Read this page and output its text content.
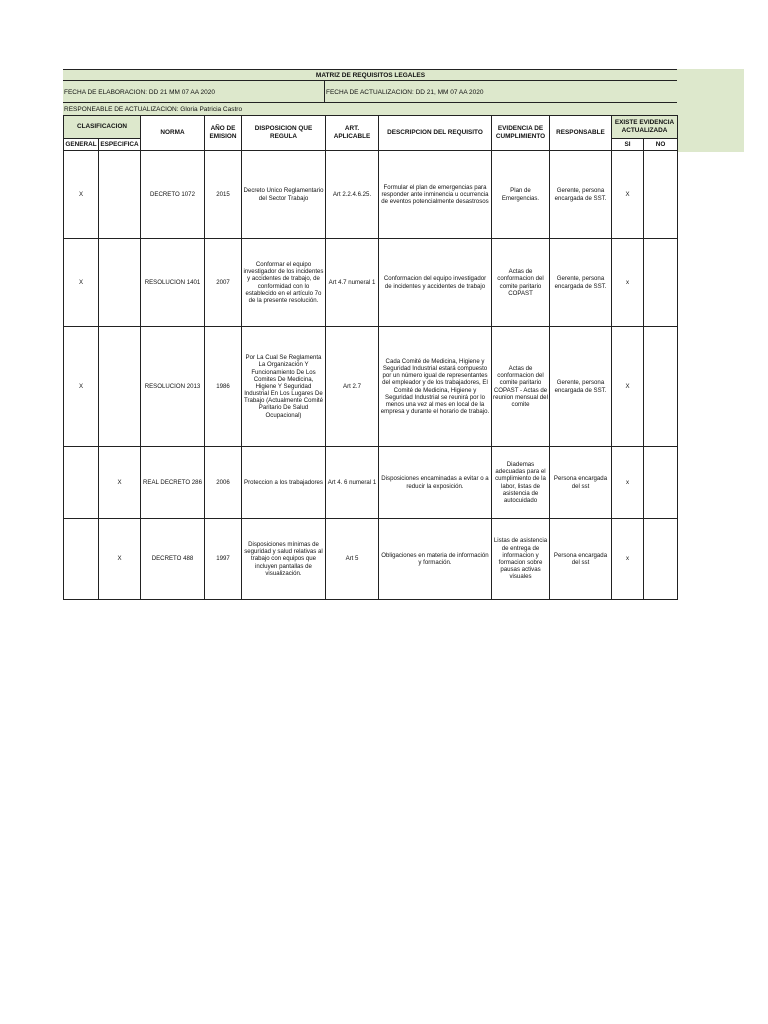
MATRIZ DE REQUISITOS LEGALES
FECHA DE ELABORACION: DD 21 MM 07 AA 2020	FECHA DE ACTUALIZACION: DD 21, MM 07 AA 2020
RESPONEABLE DE ACTUALIZACION: Gloria Patricia Castro
CLASIFICACION		NORMA	AÑO DE EMISION	DISPOSICION QUE REGULA	ART. APLICABLE	DESCRIPCION DEL REQUISITO	EVIDENCIA DE CUMPLIMIENTO	RESPONSABLE	EXISTE EVIDENCIA ACTUALIZADA	
GENERAL	ESPECIFICA								SI	NO
X		DECRETO 1072	2015	Decreto Unico Reglamentario del Sector Trabajo	Art 2.2.4.6.25.	Formular el plan de emergencias para responder ante inminencia u ocurrencia de eventos potencialmente desastrosos	Plan de Emergencias.	Gerente, persona encargada de SST.	X	
X		RESOLUCION 1401	2007	Conformar el equipo investigador de los incidentes y accidentes de trabajo, de conformidad con lo establecido en el artículo 7o de la presente resolución.	Art 4.7 numeral 1	Conformacion del equipo investigador de incidentes y accidentes de trabajo	Actas de conformacion del comite paritario COPAST	Gerente, persona encargada de SST.	x	
X		RESOLUCION 2013	1986	Por La Cual Se Reglamenta La Organización Y Funcionamiento De Los Comites De Medicina, Higiene Y Seguridad Industrial En Los Lugares De Trabajo (Actualmente Comité Paritario De Salud Ocupacional)	Art 2.7	Cada Comité de Medicina, Higiene y Seguridad Industrial estará compuesto por un número igual de representantes del empleador y de los trabajadores, El Comité de Medicina, Higiene y Seguridad Industrial se reunirá por lo menos una vez al mes en local de la empresa y durante el horario de trabajo.	Actas de conformacion del comite paritario COPAST - Actas de reunion mensual del comite	Gerente, persona encargada de SST.	X	
	X	REAL DECRETO 286	2006	Proteccion a los trabajadores	Art 4. 6 numeral 1	Disposiciones encaminadas a evitar o a reducir la exposición.	Diademas adecuadas para el cumplimiento de la labor, listas de asistencia de autocuidado	Persona encargada del sst	x	
	X	DECRETO 488	1997	Disposiciones mínimas de seguridad y salud relativas al trabajo con equipos que incluyen pantallas de visualización.	Art 5	Obligaciones en materia de información y formación.	Listas de asistencia de entrega de informacion y formacion sobre pausas activas visuales	Persona encargada del sst	x	
